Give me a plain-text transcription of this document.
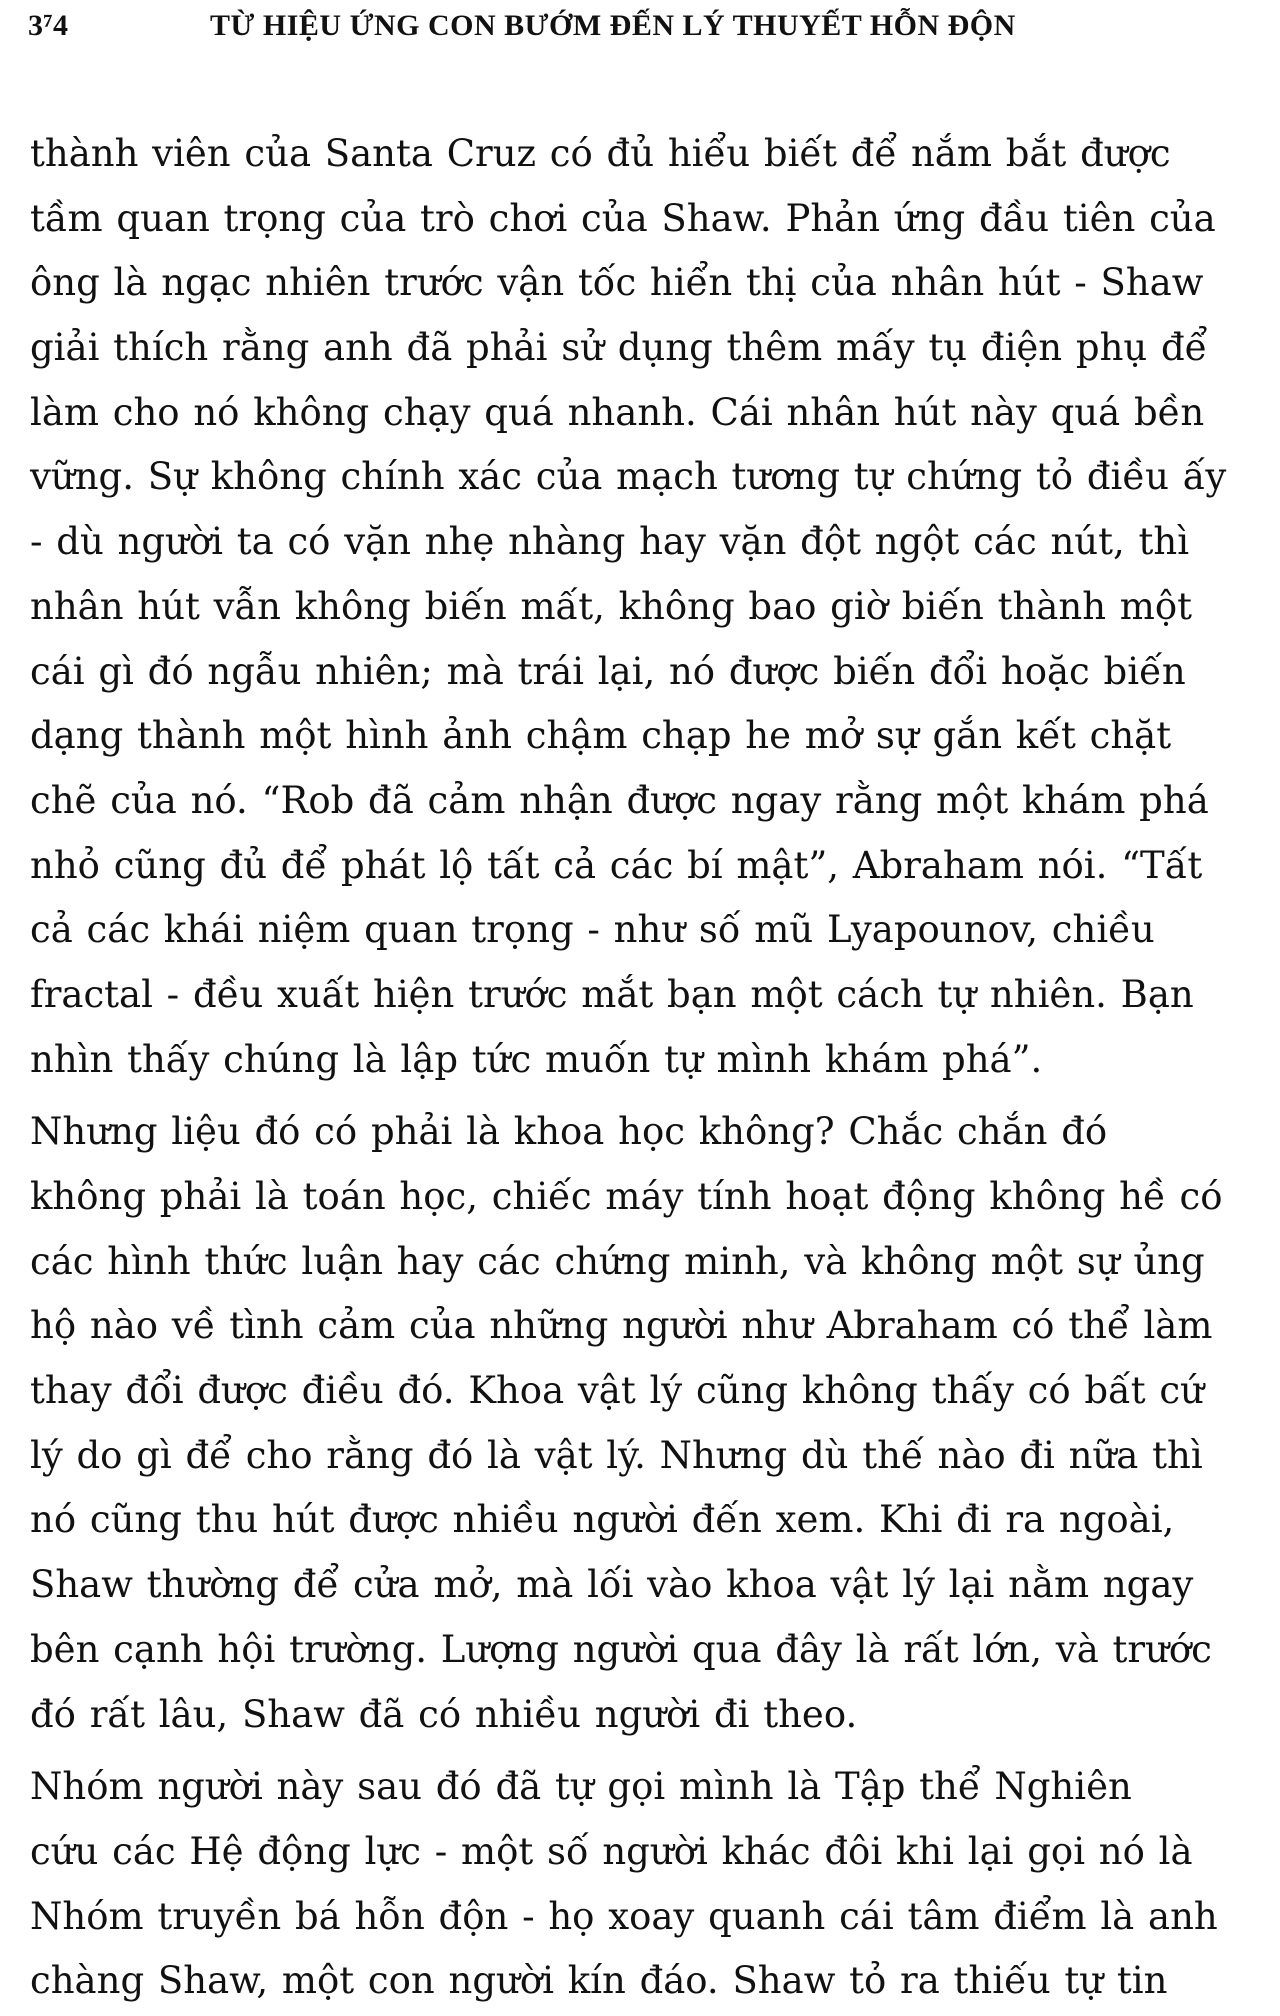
3⁷4	TỪ HIỆU ỨNG CON BƯỚM ĐẾN LÝ THUYẾT HỖN ĐỘN
thành viên của Santa Cruz có đủ hiểu biết để nắm bắt được
tầm quan trọng của trò chơi của Shaw. Phản ứng đầu tiên của
ông là ngạc nhiên trước vận tốc hiển thị của nhân hút - Shaw
giải thích rằng anh đã phải sử dụng thêm mấy tụ điện phụ để
làm cho nó không chạy quá nhanh. Cái nhân hút này quá bền
vững. Sự không chính xác của mạch tương tự chứng tỏ điều ấy
- dù người ta có vặn nhẹ nhàng hay vặn đột ngột các nút, thì
nhân hút vẫn không biến mất, không bao giờ biến thành một
cái gì đó ngẫu nhiên; mà trái lại, nó được biến đổi hoặc biến
dạng thành một hình ảnh chậm chạp he mở sự gắn kết chặt
chẽ của nó. “Rob đã cảm nhận được ngay rằng một khám phá
nhỏ cũng đủ để phát lộ tất cả các bí mật”, Abraham nói. “Tất
cả các khái niệm quan trọng - như số mũ Lyapounov, chiều
fractal - đều xuất hiện trước mắt bạn một cách tự nhiên. Bạn
nhìn thấy chúng là lập tức muốn tự mình khám phá”.
Nhưng liệu đó có phải là khoa học không? Chắc chắn đó
không phải là toán học, chiếc máy tính hoạt động không hề có
các hình thức luận hay các chứng minh, và không một sự ủng
hộ nào về tình cảm của những người như Abraham có thể làm
thay đổi được điều đó. Khoa vật lý cũng không thấy có bất cứ
lý do gì để cho rằng đó là vật lý. Nhưng dù thế nào đi nữa thì
nó cũng thu hút được nhiều người đến xem. Khi đi ra ngoài,
Shaw thường để cửa mở, mà lối vào khoa vật lý lại nằm ngay
bên cạnh hội trường. Lượng người qua đây là rất lớn, và trước
đó rất lâu, Shaw đã có nhiều người đi theo.
Nhóm người này sau đó đã tự gọi mình là Tập thể Nghiên
cứu các Hệ động lực - một số người khác đôi khi lại gọi nó là
Nhóm truyền bá hỗn độn - họ xoay quanh cái tâm điểm là anh
chàng Shaw, một con người kín đáo. Shaw tỏ ra thiếu tự tin
